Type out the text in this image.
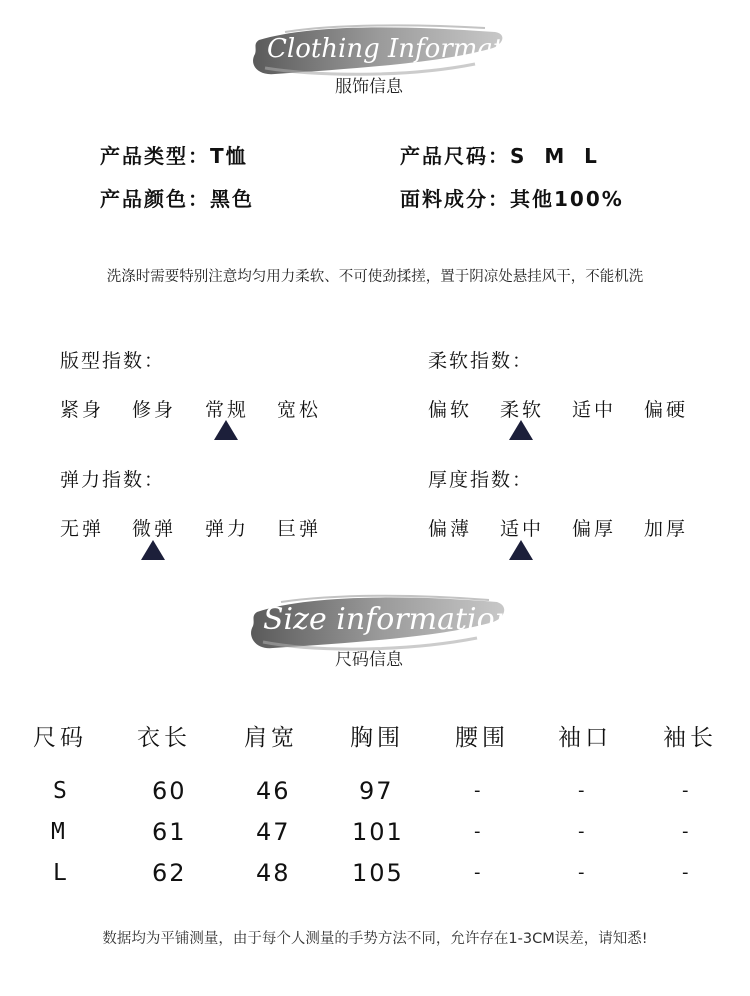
Clothing Information
服饰信息
产品类型：T恤	产品尺码：S  M  L
产品颜色：黑色	面料成分：其他100%
洗涤时需要特别注意均匀用力柔软、不可使劲揉搓，置于阴凉处悬挂风干，不能机洗
版型指数：
紧身 修身 常规 宽松
柔软指数：
偏软 柔软 适中 偏硬
弹力指数：
无弹 微弹 弹力 巨弹
厚度指数：
偏薄 适中 偏厚 加厚
Size information
尺码信息
尺码 衣长 肩宽 胸围 腰围 袖口 袖长
S	60	46	97	-	-	-
M	61	47	101	-	-	-
L	62	48	105	-	-	-
数据均为平铺测量，由于每个人测量的手势方法不同，允许存在1-3CM误差，请知悉!
